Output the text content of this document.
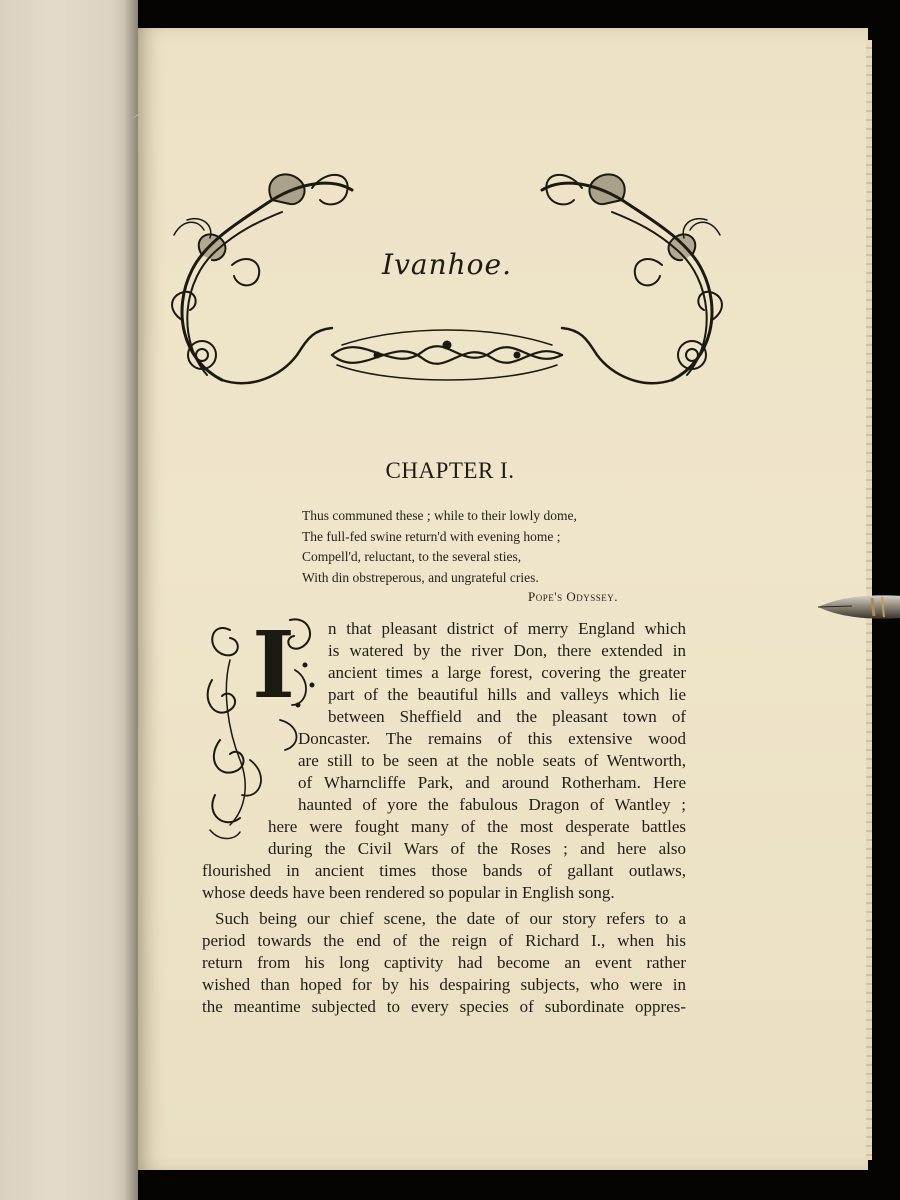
Ivanhoe.
CHAPTER I.
Thus communed these ; while to their lowly dome,
The full-fed swine return'd with evening home ;
Compell'd, reluctant, to the several sties,
With din obstreperous, and ungrateful cries.
Pope's Odyssey.
I n that pleasant district of merry England which
is watered by the river Don, there extended in
ancient times a large forest, covering the greater
part of the beautiful hills and valleys which lie
between Sheffield and the pleasant town of
Doncaster. The remains of this extensive wood
are still to be seen at the noble seats of Wentworth,
of Wharncliffe Park, and around Rotherham. Here
haunted of yore the fabulous Dragon of Wantley ;
here were fought many of the most desperate battles
during the Civil Wars of the Roses ; and here also
flourished in ancient times those bands of gallant outlaws,
whose deeds have been rendered so popular in English song.
Such being our chief scene, the date of our story refers to a
period towards the end of the reign of Richard I., when his
return from his long captivity had become an event rather
wished than hoped for by his despairing subjects, who were in
the meantime subjected to every species of subordinate oppres-
